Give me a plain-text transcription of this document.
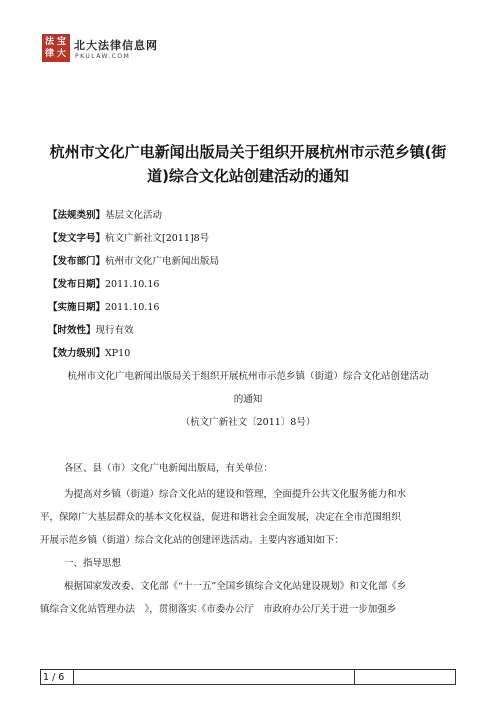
法 宝
律 大
北大法律信息网
PKULAW.COM
杭州市文化广电新闻出版局关于组织开展杭州市示范乡镇(街
道)综合文化站创建活动的通知
【法规类别】基层文化活动
【发文字号】杭文广新社文[2011]8号
【发布部门】杭州市文化广电新闻出版局
【发布日期】2011.10.16
【实施日期】2011.10.16
【时效性】现行有效
【效力级别】XP10
杭州市文化广电新闻出版局关于组织开展杭州市示范乡镇（街道）综合文化站创建活动
的通知
（杭文广新社文〔2011〕8号）
各区、县（市）文化广电新闻出版局，有关单位：
为提高对乡镇（街道）综合文化站的建设和管理，全面提升公共文化服务能力和水
平，保障广大基层群众的基本文化权益，促进和谐社会全面发展，决定在全市范围组织
开展示范乡镇（街道）综合文化站的创建评选活动。主要内容通知如下：
一、指导思想
根据国家发改委、文化部《“十一五”全国乡镇综合文化站建设规划》和文化部《乡
镇综合文化站管理办法　》，贯彻落实《市委办公厅　市政府办公厅关于进一步加强乡
1 / 6
